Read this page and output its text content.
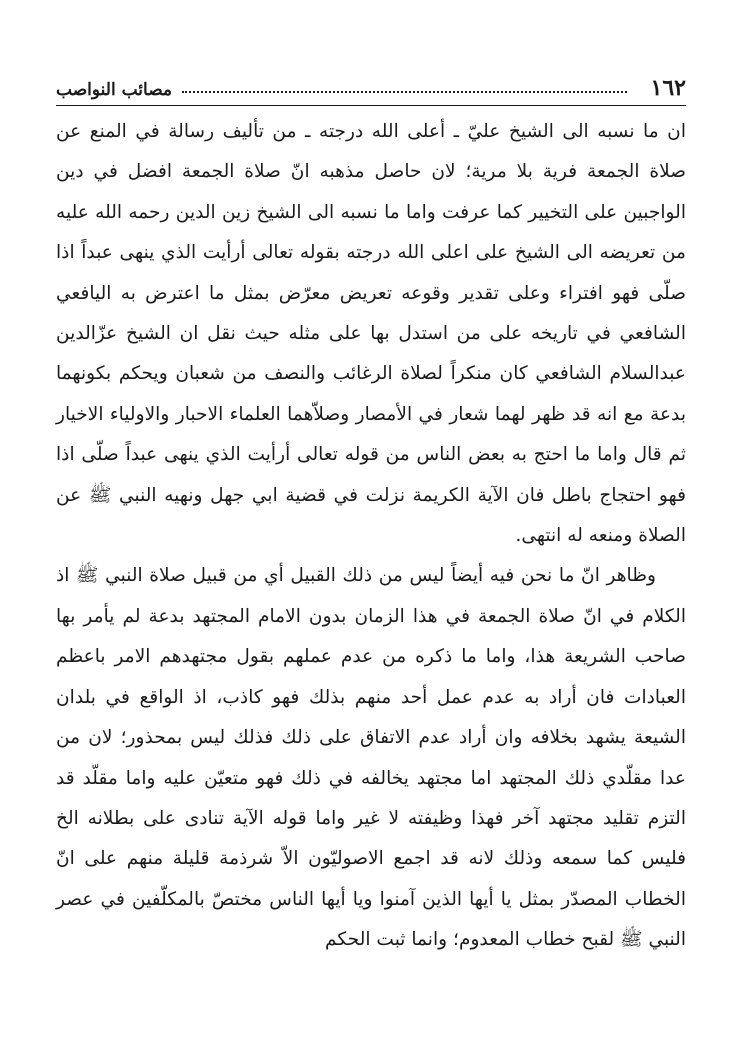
١٦٢
مصائب النواصب

ان ما نسبه الى الشيخ عليّ ـ أعلى الله درجته ـ من تأليف رسالة في المنع عن صلاة الجمعة فرية بلا مرية؛ لان حاصل مذهبه انّ صلاة الجمعة افضل في دين الواجبين على التخيير كما عرفت واما ما نسبه الى الشيخ زين الدين رحمه الله عليه من تعريضه الى الشيخ على اعلى الله درجته بقوله تعالى أرأيت الذي ينهى عبداً اذا صلّى فهو افتراء وعلى تقدير وقوعه تعريض معرّض بمثل ما اعترض به اليافعي الشافعي في تاريخه على من استدل بها على مثله حيث نقل ان الشيخ عزّالدين عبدالسلام الشافعي كان منكراً لصلاة الرغائب والنصف من شعبان ويحكم بكونهما بدعة مع انه قد ظهر لهما شعار في الأمصار وصلاّهما العلماء الاحبار والاولياء الاخيار ثم قال واما ما احتج به بعض الناس من قوله تعالى أرأيت الذي ينهى عبداً صلّى اذا فهو احتجاج باطل فان الآية الكريمة نزلت في قضية ابي جهل ونهيه النبي ﷺ عن الصلاة ومنعه له انتهى.

وظاهر انّ ما نحن فيه أيضاً ليس من ذلك القبيل أي من قبيل صلاة النبي ﷺ اذ الكلام في انّ صلاة الجمعة في هذا الزمان بدون الامام المجتهد بدعة لم يأمر بها صاحب الشريعة هذا، واما ما ذكره من عدم عملهم بقول مجتهدهم الامر باعظم العبادات فان أراد به عدم عمل أحد منهم بذلك فهو كاذب، اذ الواقع في بلدان الشيعة يشهد بخلافه وان أراد عدم الاتفاق على ذلك فذلك ليس بمحذور؛ لان من عدا مقلّدي ذلك المجتهد اما مجتهد يخالفه في ذلك فهو متعيّن عليه واما مقلّد قد التزم تقليد مجتهد آخر فهذا وظيفته لا غير واما قوله الآية تنادى على بطلانه الخ فليس كما سمعه وذلك لانه قد اجمع الاصوليّون الاّ شرذمة قليلة منهم على انّ الخطاب المصدّر بمثل يا أيها الذين آمنوا ويا أيها الناس مختصّ بالمكلّفين في عصر النبي ﷺ لقبح خطاب المعدوم؛ وانما ثبت الحكم
